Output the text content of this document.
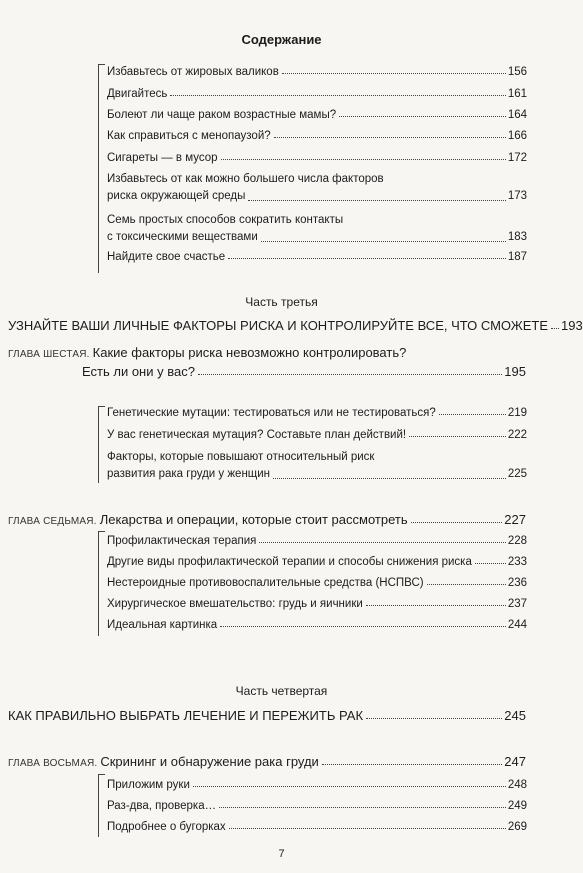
Содержание
Избавьтесь от жировых валиков	156
Двигайтесь	161
Болеют ли чаще раком возрастные мамы?	164
Как справиться с менопаузой?	166
Сигареты — в мусор	172
Избавьтесь от как можно большего числа факторов
риска окружающей среды	173
Семь простых способов сократить контакты
с токсическими веществами	183
Найдите свое счастье	187
Часть третья
УЗНАЙТЕ ВАШИ ЛИЧНЫЕ ФАКТОРЫ РИСКА И КОНТРОЛИРУЙТЕ ВСЕ, ЧТО СМОЖЕТЕ 193
ГЛАВА ШЕСТАЯ. Какие факторы риска невозможно контролировать?
Есть ли они у вас?	195
Генетические мутации: тестироваться или не тестироваться?	219
У вас генетическая мутация? Составьте план действий!	222
Факторы, которые повышают относительный риск
развития рака груди у женщин	225
ГЛАВА СЕДЬМАЯ. Лекарства и операции, которые стоит рассмотреть	227
Профилактическая терапия	228
Другие виды профилактической терапии и способы снижения риска	233
Нестероидные противовоспалительные средства (НСПВС)	236
Хирургическое вмешательство: грудь и яичники	237
Идеальная картинка	244
Часть четвертая
КАК ПРАВИЛЬНО ВЫБРАТЬ ЛЕЧЕНИЕ И ПЕРЕЖИТЬ РАК	245
ГЛАВА ВОСЬМАЯ. Скрининг и обнаружение рака груди	247
Приложим руки	248
Раз-два, проверка…	249
Подробнее о бугорках	269
7
